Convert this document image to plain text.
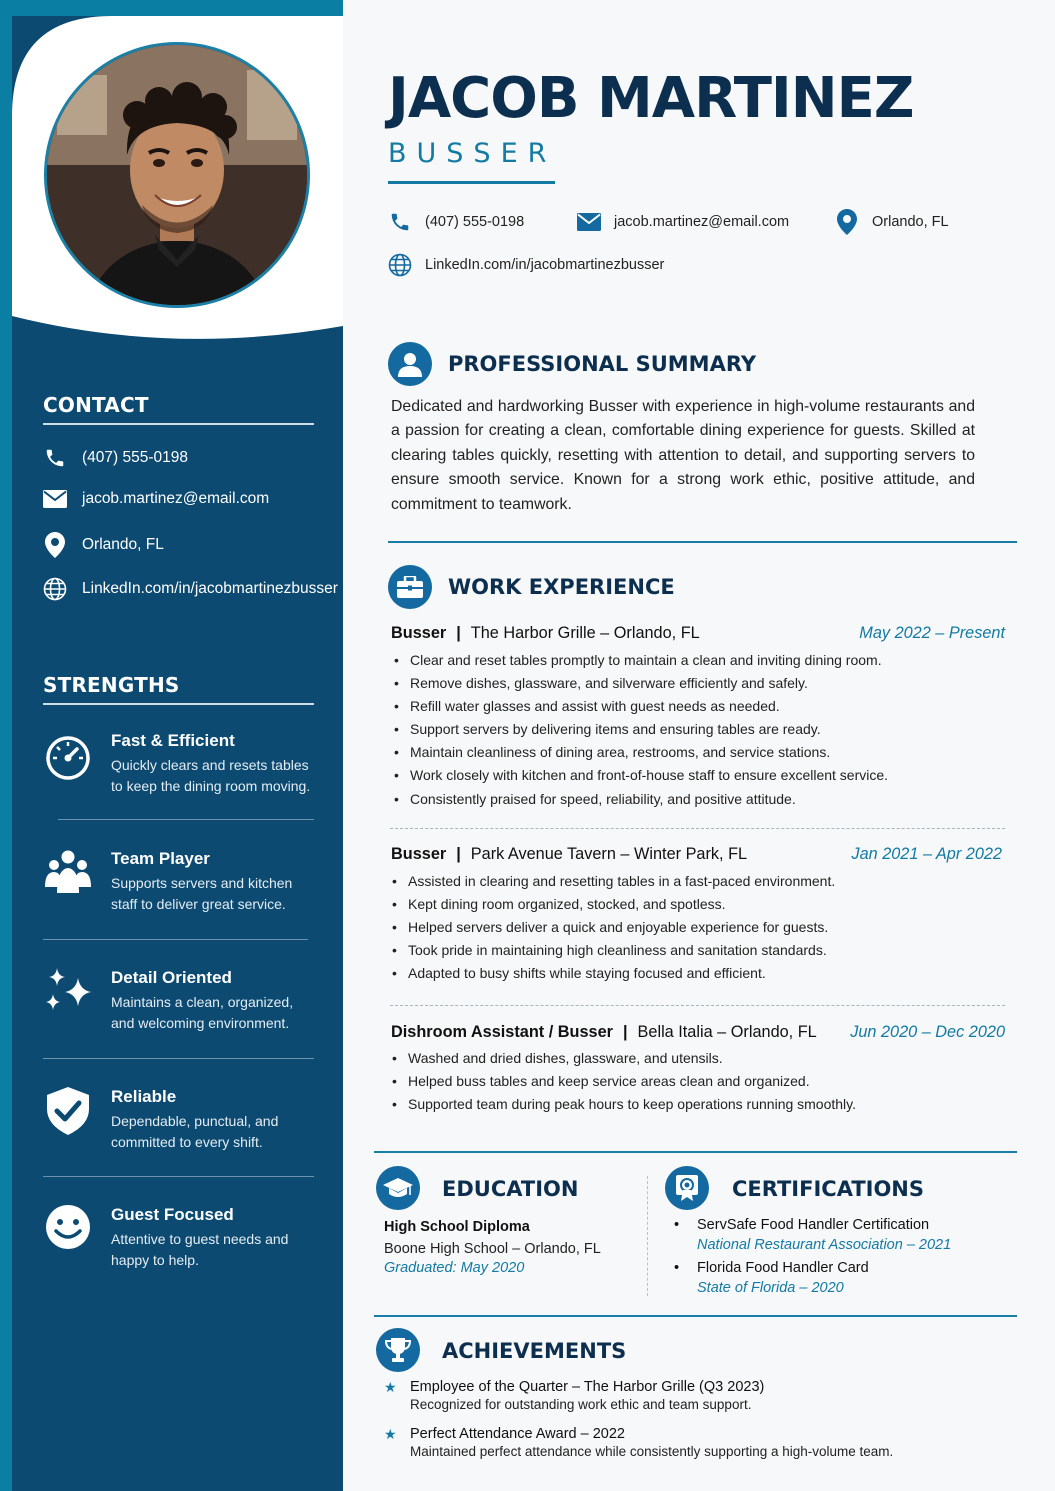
CONTACT
(407) 555-0198
jacob.martinez@email.com
Orlando, FL
LinkedIn.com/in/jacobmartinezbusser
STRENGTHS
Fast & Efficient
Quickly clears and resets tables
to keep the dining room moving.
Team Player
Supports servers and kitchen
staff to deliver great service.
Detail Oriented
Maintains a clean, organized,
and welcoming environment.
Reliable
Dependable, punctual, and
committed to every shift.
Guest Focused
Attentive to guest needs and
happy to help.
JACOB MARTINEZ
BUSSER
(407) 555-0198	jacob.martinez@email.com	Orlando, FL
LinkedIn.com/in/jacobmartinezbusser
PROFESSIONAL SUMMARY
Dedicated and hardworking Busser with experience in high-volume restaurants and a passion for creating a clean, comfortable dining experience for guests. Skilled at clearing tables quickly, resetting with attention to detail, and supporting servers to ensure smooth service. Known for a strong work ethic, positive attitude, and commitment to teamwork.
WORK EXPERIENCE
Busser | The Harbor Grille – Orlando, FL	May 2022 – Present
• Clear and reset tables promptly to maintain a clean and inviting dining room.
• Remove dishes, glassware, and silverware efficiently and safely.
• Refill water glasses and assist with guest needs as needed.
• Support servers by delivering items and ensuring tables are ready.
• Maintain cleanliness of dining area, restrooms, and service stations.
• Work closely with kitchen and front-of-house staff to ensure excellent service.
• Consistently praised for speed, reliability, and positive attitude.
Busser | Park Avenue Tavern – Winter Park, FL	Jan 2021 – Apr 2022
• Assisted in clearing and resetting tables in a fast-paced environment.
• Kept dining room organized, stocked, and spotless.
• Helped servers deliver a quick and enjoyable experience for guests.
• Took pride in maintaining high cleanliness and sanitation standards.
• Adapted to busy shifts while staying focused and efficient.
Dishroom Assistant / Busser | Bella Italia – Orlando, FL Jun 2020 – Dec 2020
• Washed and dried dishes, glassware, and utensils.
• Helped buss tables and keep service areas clean and organized.
• Supported team during peak hours to keep operations running smoothly.
EDUCATION
High School Diploma
Boone High School – Orlando, FL
Graduated: May 2020
CERTIFICATIONS
• ServSafe Food Handler Certification
National Restaurant Association – 2021
• Florida Food Handler Card
State of Florida – 2020
ACHIEVEMENTS
★ Employee of the Quarter – The Harbor Grille (Q3 2023)
Recognized for outstanding work ethic and team support.
★ Perfect Attendance Award – 2022
Maintained perfect attendance while consistently supporting a high-volume team.
